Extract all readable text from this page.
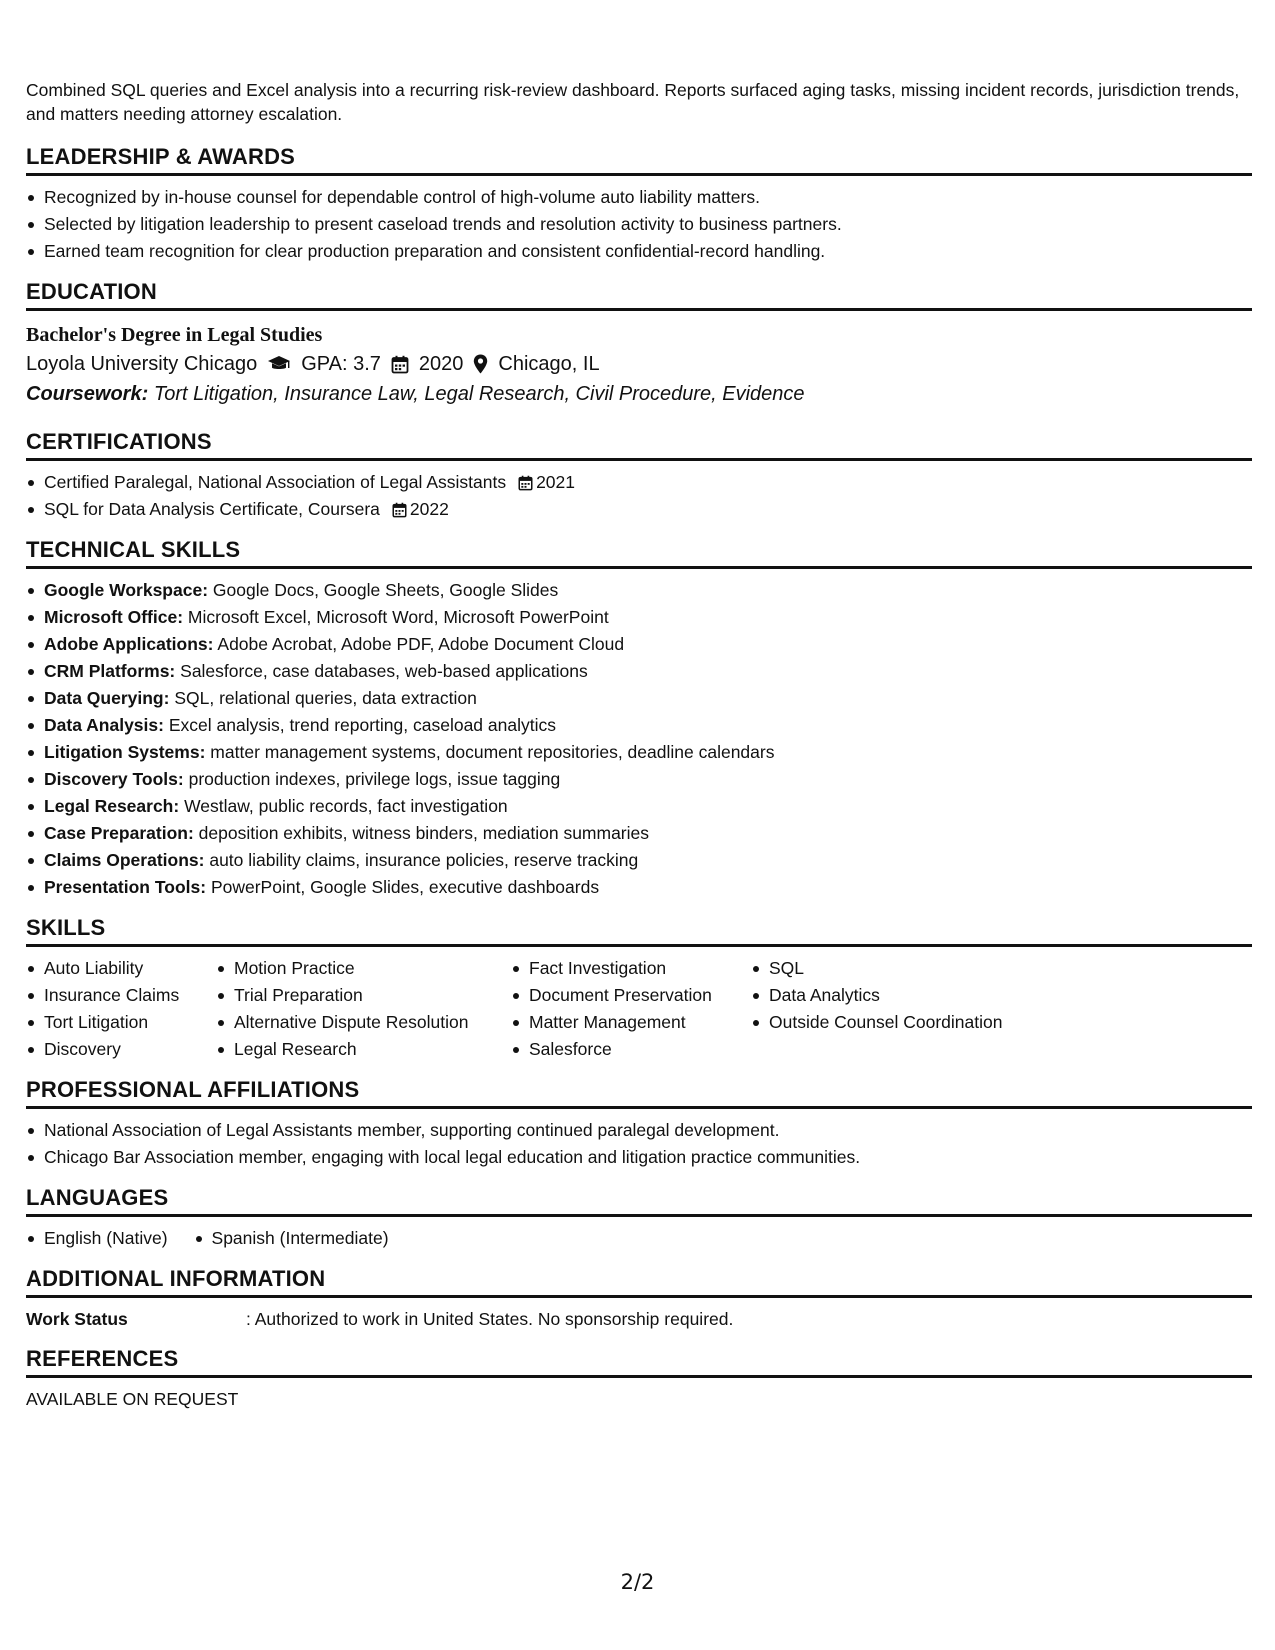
Combined SQL queries and Excel analysis into a recurring risk-review dashboard. Reports surfaced aging tasks, missing incident records, jurisdiction trends, and matters needing attorney escalation.

LEADERSHIP & AWARDS
Recognized by in-house counsel for dependable control of high-volume auto liability matters.
Selected by litigation leadership to present caseload trends and resolution activity to business partners.
Earned team recognition for clear production preparation and consistent confidential-record handling.
EDUCATION
Bachelor's Degree in Legal Studies
Loyola University Chicago GPA: 3.7 2020 Chicago, IL
Coursework: Tort Litigation, Insurance Law, Legal Research, Civil Procedure, Evidence
CERTIFICATIONS
Certified Paralegal, National Association of Legal Assistants 2021
SQL for Data Analysis Certificate, Coursera 2022
TECHNICAL SKILLS
Google Workspace: Google Docs, Google Sheets, Google Slides
Microsoft Office: Microsoft Excel, Microsoft Word, Microsoft PowerPoint
Adobe Applications: Adobe Acrobat, Adobe PDF, Adobe Document Cloud
CRM Platforms: Salesforce, case databases, web-based applications
Data Querying: SQL, relational queries, data extraction
Data Analysis: Excel analysis, trend reporting, caseload analytics
Litigation Systems: matter management systems, document repositories, deadline calendars
Discovery Tools: production indexes, privilege logs, issue tagging
Legal Research: Westlaw, public records, fact investigation
Case Preparation: deposition exhibits, witness binders, mediation summaries
Claims Operations: auto liability claims, insurance policies, reserve tracking
Presentation Tools: PowerPoint, Google Slides, executive dashboards
SKILLS
Auto Liability
Insurance Claims
Tort Litigation
Discovery
Motion Practice
Trial Preparation
Alternative Dispute Resolution
Legal Research
Fact Investigation
Document Preservation
Matter Management
Salesforce
SQL
Data Analytics
Outside Counsel Coordination
PROFESSIONAL AFFILIATIONS
National Association of Legal Assistants member, supporting continued paralegal development.
Chicago Bar Association member, engaging with local legal education and litigation practice communities.
LANGUAGES
English (Native)	Spanish (Intermediate)
ADDITIONAL INFORMATION
Work Status	: Authorized to work in United States. No sponsorship required.
REFERENCES
AVAILABLE ON REQUEST
2/2
